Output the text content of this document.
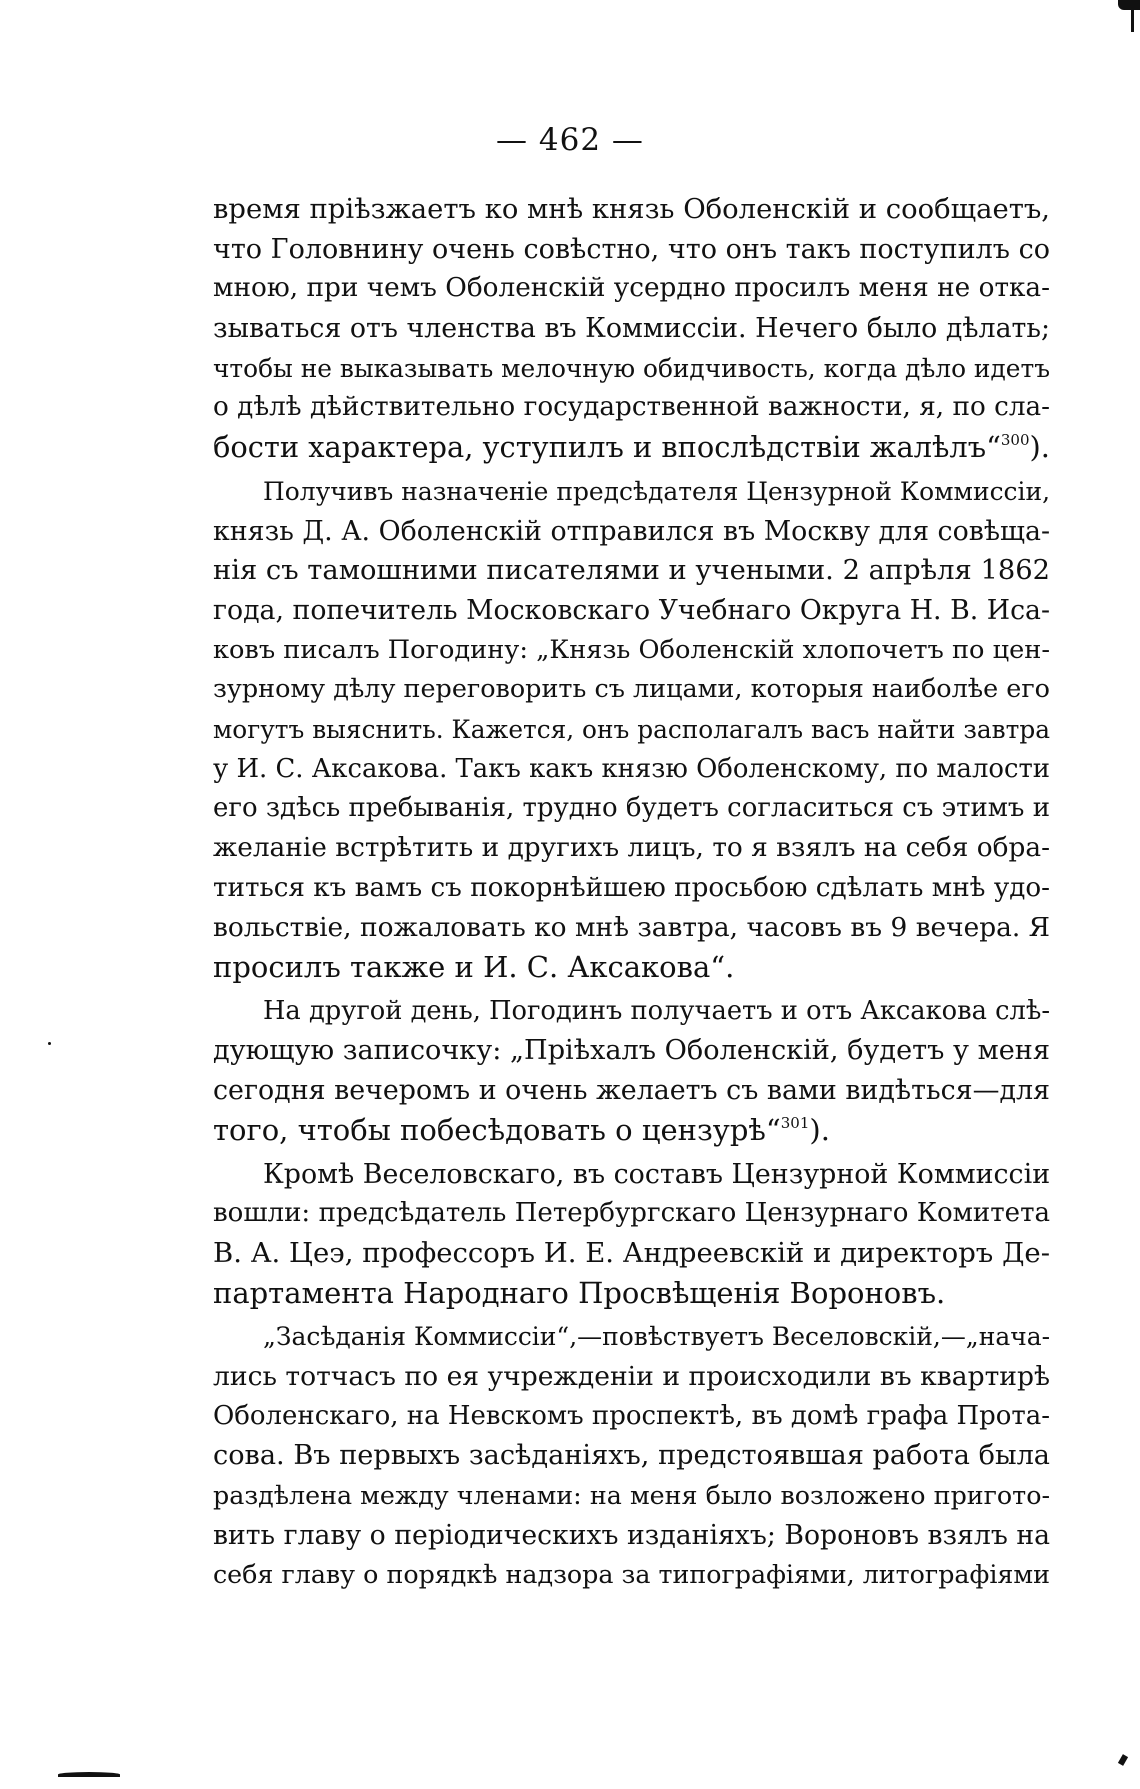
— 462 —
время пріѣзжаетъ ко мнѣ князь Оболенскій и сообщаетъ,
что Головнину очень совѣстно, что онъ такъ поступилъ со
мною, при чемъ Оболенскій усердно просилъ меня не отка-
зываться отъ членства въ Коммиссіи. Нечего было дѣлать;
чтобы не выказывать мелочную обидчивость, когда дѣло идетъ
о дѣлѣ дѣйствительно государственной важности, я, по сла-
бости характера, уступилъ и впослѣдствіи жалѣлъ“$^{300}$).
Получивъ назначеніе предсѣдателя Цензурной Коммиссіи,
князь Д. А. Оболенскій отправился въ Москву для совѣща-
нія съ тамошними писателями и учеными. 2 апрѣля 1862
года, попечитель Московскаго Учебнаго Округа Н. В. Иса-
ковъ писалъ Погодину: „Князь Оболенскій хлопочетъ по цен-
зурному дѣлу переговорить съ лицами, которыя наиболѣе его
могутъ выяснить. Кажется, онъ располагалъ васъ найти завтра
у И. С. Аксакова. Такъ какъ князю Оболенскому, по малости
его здѣсь пребыванія, трудно будетъ согласиться съ этимъ и
желаніе встрѣтить и другихъ лицъ, то я взялъ на себя обра-
титься къ вамъ съ покорнѣйшею просьбою сдѣлать мнѣ удо-
вольствіе, пожаловать ко мнѣ завтра, часовъ въ 9 вечера. Я
просилъ также и И. С. Аксакова“.
На другой день, Погодинъ получаетъ и отъ Аксакова слѣ-
дующую записочку: „Пріѣхалъ Оболенскій, будетъ у меня
сегодня вечеромъ и очень желаетъ съ вами видѣться—для
того, чтобы побесѣдовать о цензурѣ“$^{301}$).
Кромѣ Веселовскаго, въ составъ Цензурной Коммиссіи
вошли: предсѣдатель Петербургскаго Цензурнаго Комитета
В. А. Цеэ, профессоръ И. Е. Андреевскій и директоръ Де-
партамента Народнаго Просвѣщенія Вороновъ.
„Засѣданія Коммиссіи“,—повѣствуетъ Веселовскій,—„нача-
лись тотчасъ по ея учрежденіи и происходили въ квартирѣ
Оболенскаго, на Невскомъ проспектѣ, въ домѣ графа Прота-
сова. Въ первыхъ засѣданіяхъ, предстоявшая работа была
раздѣлена между членами: на меня было возложено пригото-
вить главу о періодическихъ изданіяхъ; Вороновъ взялъ на
себя главу о порядкѣ надзора за типографіями, литографіями
